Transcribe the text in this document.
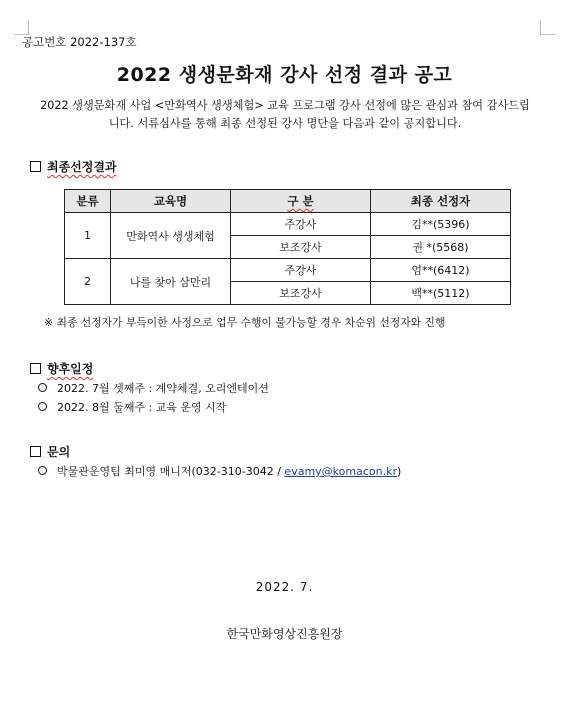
공고번호 2022-137호
2022 생생문화재 강사 선정 결과 공고
2022 생생문화재 사업 <만화역사 생생체험> 교육 프로그램 강사 선정에 많은 관심과 참여 감사드립니다. 서류심사를 통해 최종 선정된 강사 명단을 다음과 같이 공지합니다.
최종선정결과
분류	교육명	구 분	최종 선정자
1	만화역사 생생체험	주강사	김**(5396)
		보조강사	권 *(5568)
2	나를 찾아 삼만리	주강사	엄**(6412)
		보조강사	백**(5112)
※ 최종 선정자가 부득이한 사정으로 업무 수행이 불가능할 경우 차순위 선정자와 진행
향후일정
2022. 7월 셋째주 : 계약체결, 오리엔테이션
2022. 8월 둘째주 : 교육 운영 시작
문의
박물관운영팀 최미영 매니저(032-310-3042 / evamy@komacon.kr)
2022. 7.
한국만화영상진흥원장
